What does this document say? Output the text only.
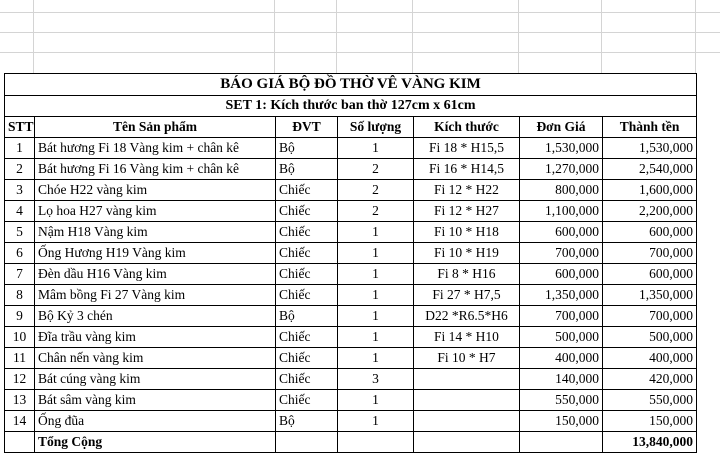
BÁO GIÁ BỘ ĐỒ THỜ VÊ VÀNG KIM						
SET 1: Kích thước ban thờ 127cm x 61cm						
STT	Tên Sản phẩm	ĐVT	Số lượng	Kích thước	Đơn Giá	Thành tền
1	Bát hương Fi 18 Vàng kim + chân kê	Bộ	1	Fi 18 * H15,5	1,530,000	1,530,000
2	Bát hương Fi 16 Vàng kim + chân kê	Bộ	2	Fi 16 * H14,5	1,270,000	2,540,000
3	Chóe H22 vàng kim	Chiếc	2	Fi 12 * H22	800,000	1,600,000
4	Lọ hoa H27 vàng kim	Chiếc	2	Fi 12 * H27	1,100,000	2,200,000
5	Nậm H18 Vàng kim	Chiếc	1	Fi 10 * H18	600,000	600,000
6	Ống Hương H19 Vàng kim	Chiếc	1	Fi 10 * H19	700,000	700,000
7	Đèn dầu H16 Vàng kim	Chiếc	1	Fi 8 * H16	600,000	600,000
8	Mâm bồng Fi 27 Vàng kim	Chiếc	1	Fi 27 * H7,5	1,350,000	1,350,000
9	Bộ Kỷ 3 chén	Bộ	1	D22 *R6.5*H6	700,000	700,000
10	Đĩa trầu vàng kim	Chiếc	1	Fi 14 * H10	500,000	500,000
11	Chân nến vàng kim	Chiếc	1	Fi 10 * H7	400,000	400,000
12	Bát cúng vàng kim	Chiếc	3		140,000	420,000
13	Bát sâm vàng kim	Chiếc	1		550,000	550,000
14	Ống đũa	Bộ	1		150,000	150,000
	Tổng Cộng					13,840,000
